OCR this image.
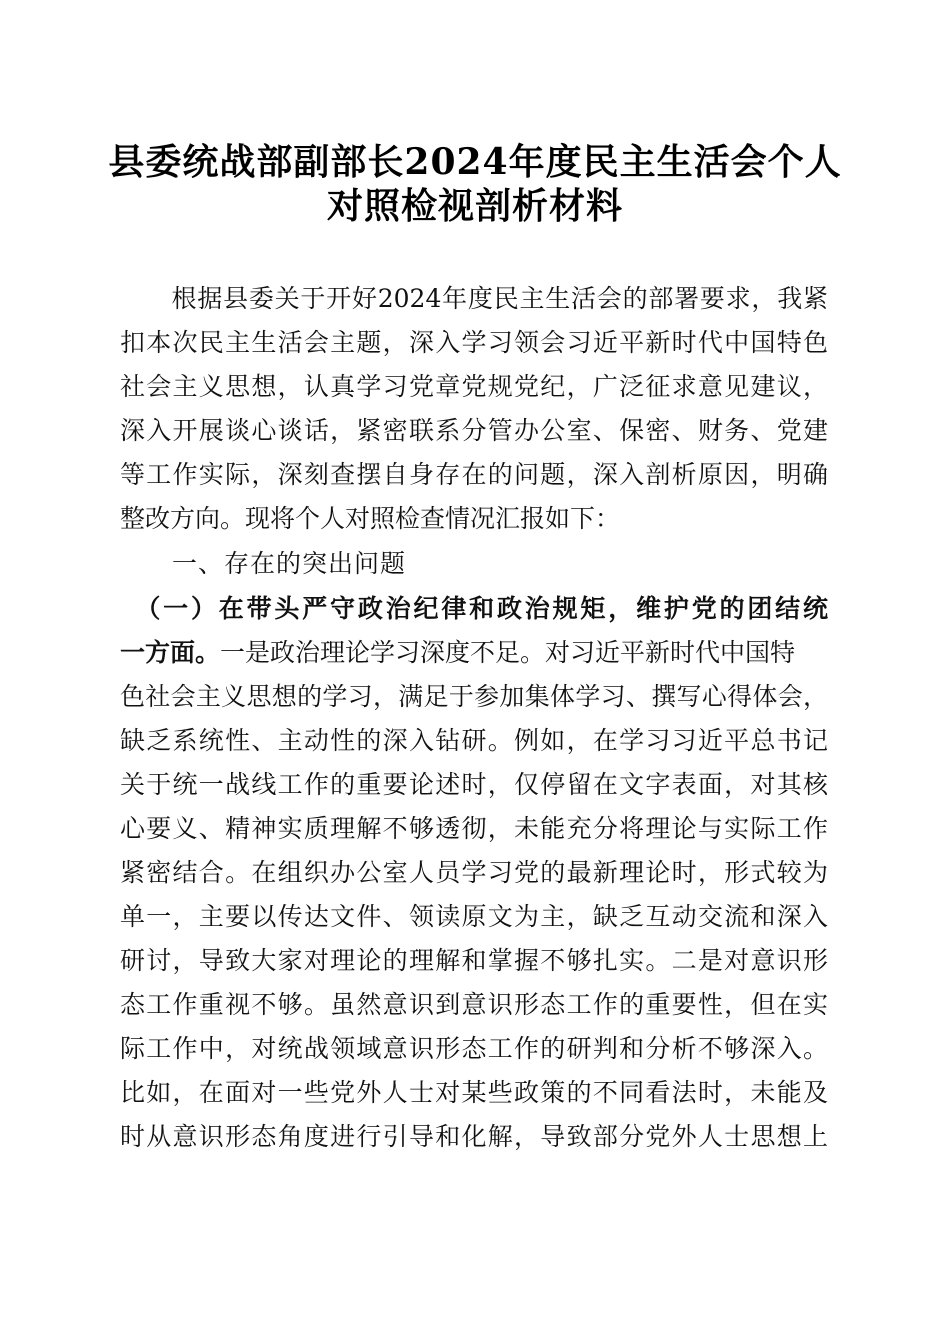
县委统战部副部长2024年度民主生活会个人
对照检视剖析材料
　　根据县委关于开好2024年度民主生活会的部署要求，我紧
扣本次民主生活会主题，深入学习领会习近平新时代中国特色
社会主义思想，认真学习党章党规党纪，广泛征求意见建议，
深入开展谈心谈话，紧密联系分管办公室、保密、财务、党建
等工作实际，深刻查摆自身存在的问题，深入剖析原因，明确
整改方向。现将个人对照检查情况汇报如下：
　　一、存在的突出问题
　（一）在带头严守政治纪律和政治规矩，维护党的团结统
一方面。一是政治理论学习深度不足。对习近平新时代中国特
色社会主义思想的学习，满足于参加集体学习、撰写心得体会，
缺乏系统性、主动性的深入钻研。例如，在学习习近平总书记
关于统一战线工作的重要论述时，仅停留在文字表面，对其核
心要义、精神实质理解不够透彻，未能充分将理论与实际工作
紧密结合。在组织办公室人员学习党的最新理论时，形式较为
单一，主要以传达文件、领读原文为主，缺乏互动交流和深入
研讨，导致大家对理论的理解和掌握不够扎实。二是对意识形
态工作重视不够。虽然意识到意识形态工作的重要性，但在实
际工作中，对统战领域意识形态工作的研判和分析不够深入。
比如，在面对一些党外人士对某些政策的不同看法时，未能及
时从意识形态角度进行引导和化解，导致部分党外人士思想上
